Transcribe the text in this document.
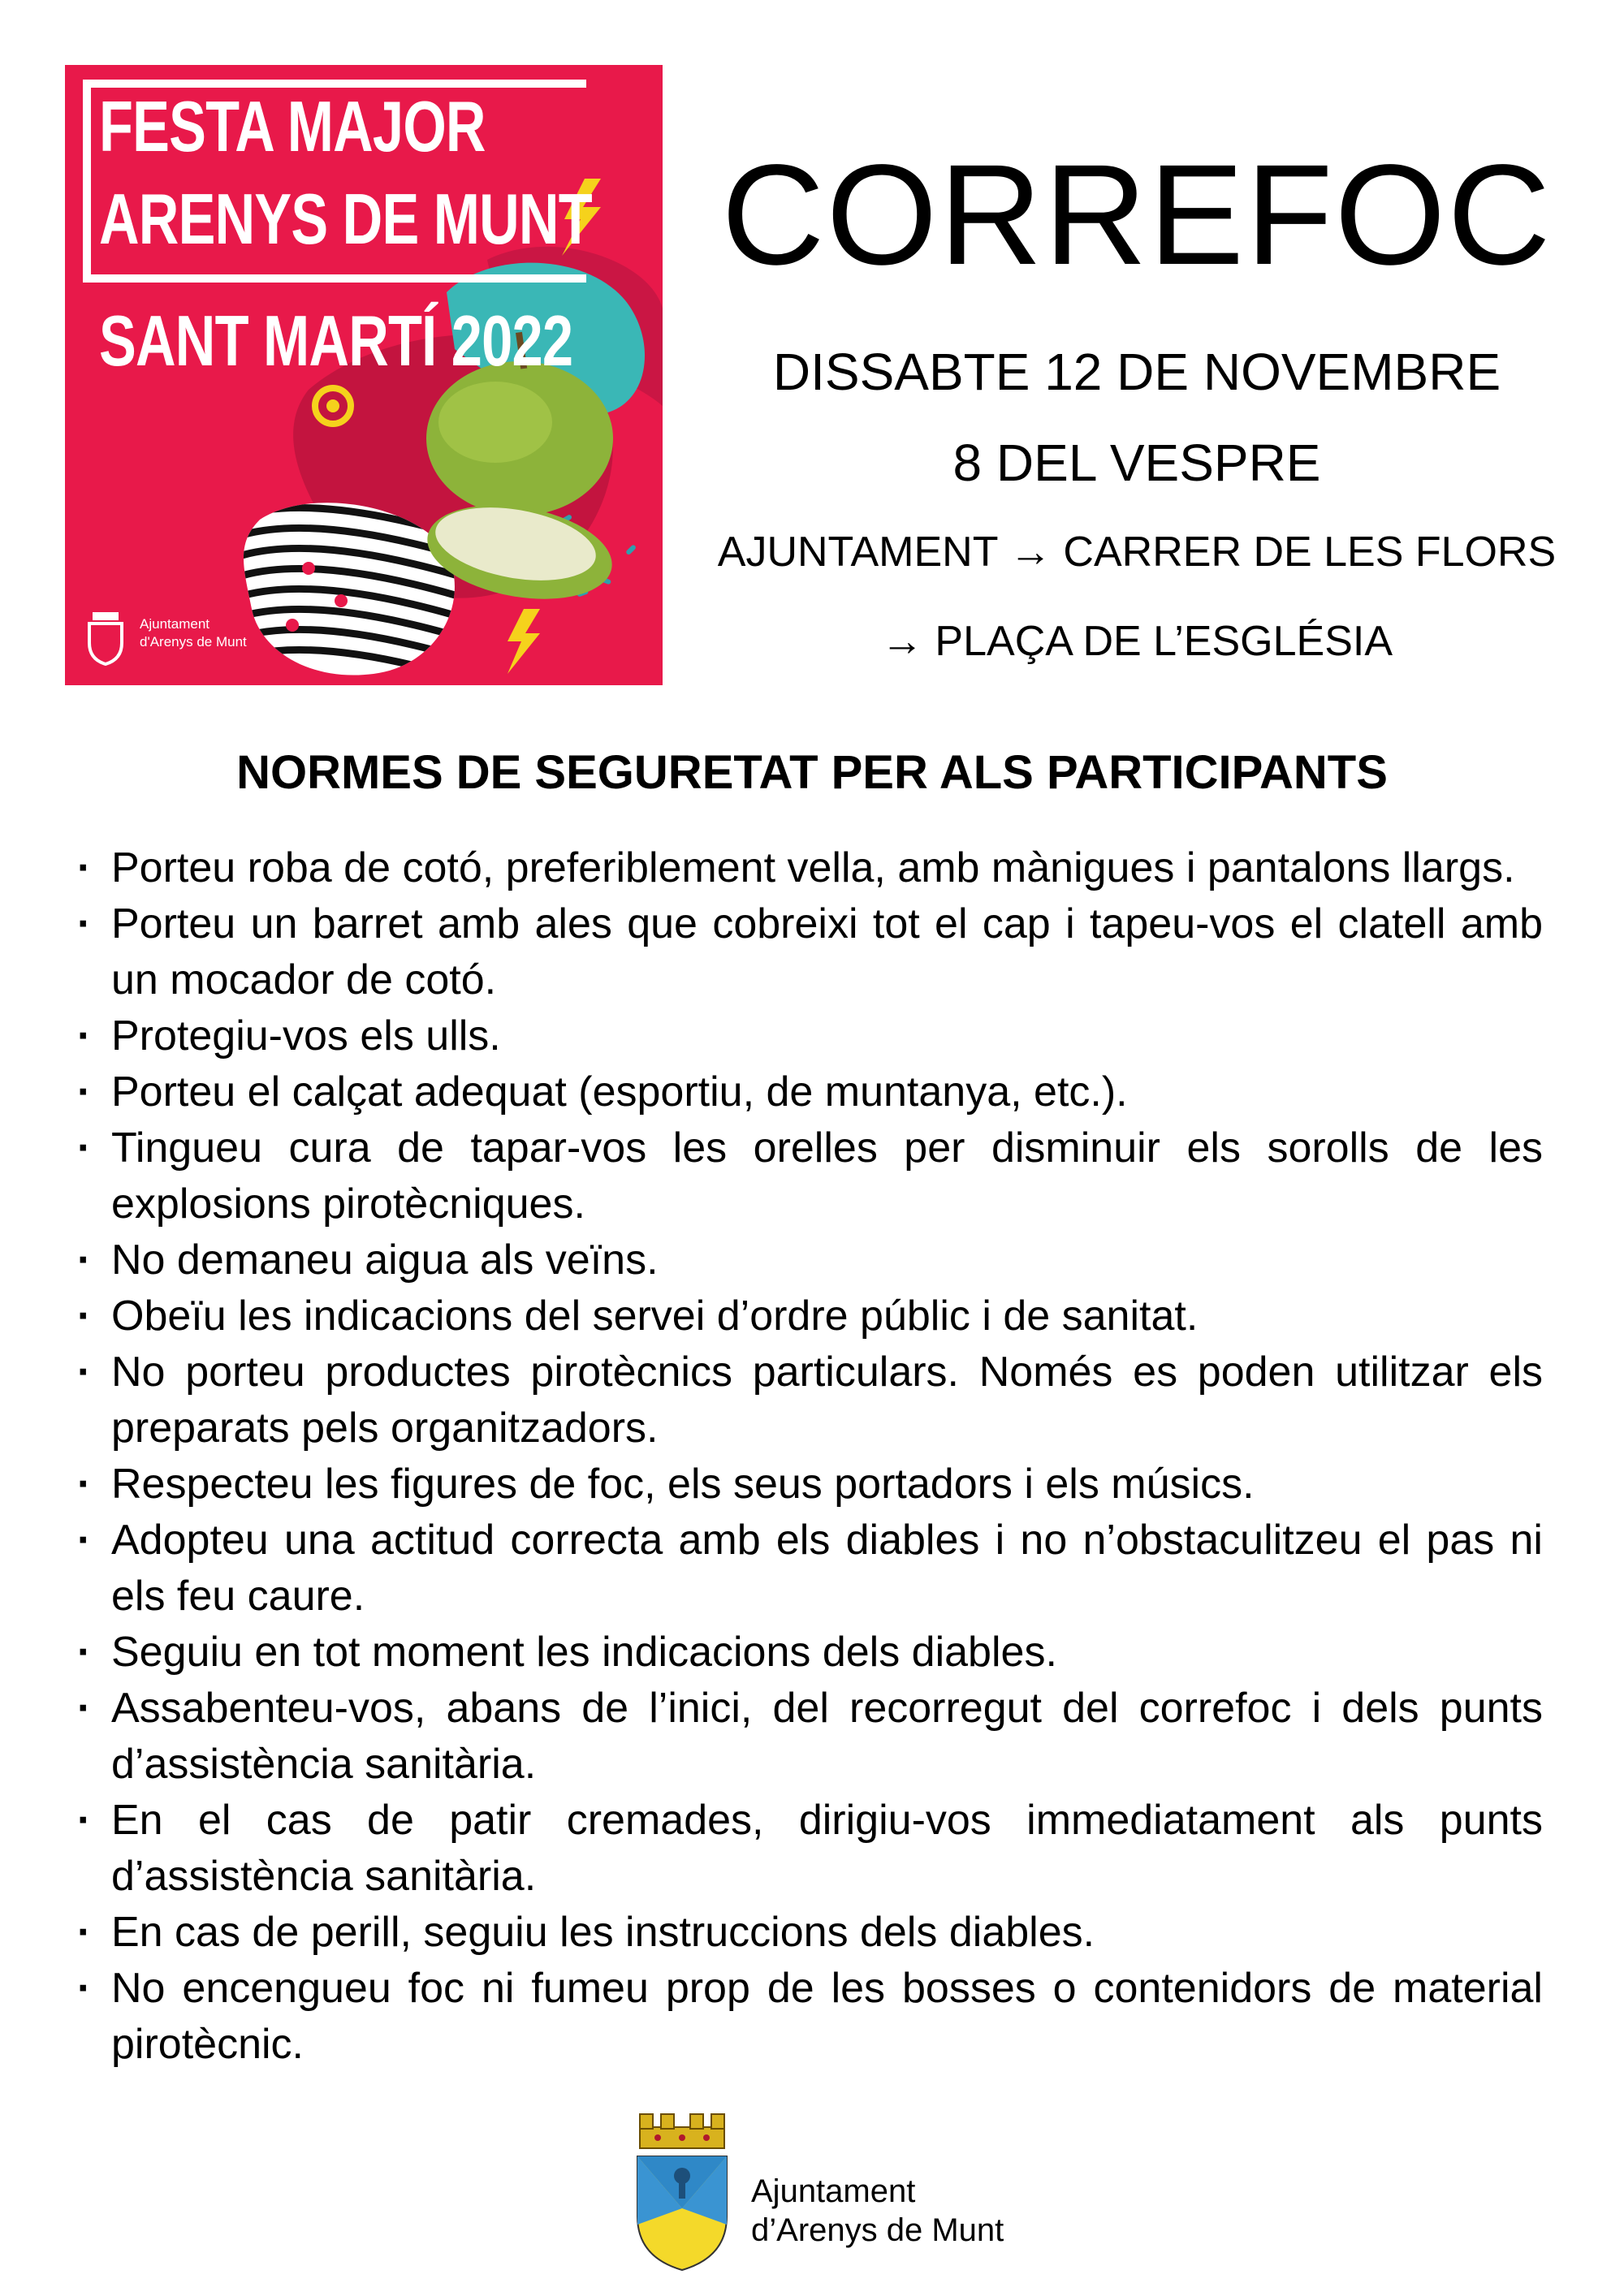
FESTA MAJOR
ARENYS DE MUNT
SANT MARTÍ 2022
Ajuntament
d'Arenys de Munt
CORREFOC
DISSABTE 12 DE NOVEMBRE
8 DEL VESPRE
AJUNTAMENT → CARRER DE LES FLORS
→ PLAÇA DE L’ESGLÉSIA
NORMES DE SEGURETAT PER ALS PARTICIPANTS
· Porteu roba de cotó, preferiblement vella, amb mànigues i pantalons llargs.
· Porteu un barret amb ales que cobreixi tot el cap i tapeu-vos el clatell amb un mocador de cotó.
· Protegiu-vos els ulls.
· Porteu el calçat adequat (esportiu, de muntanya, etc.).
· Tingueu cura de tapar-vos les orelles per disminuir els sorolls de les explosions pirotècniques.
· No demaneu aigua als veïns.
· Obeïu les indicacions del servei d’ordre públic i de sanitat.
· No porteu productes pirotècnics particulars. Només es poden utilitzar els preparats pels organitzadors.
· Respecteu les figures de foc, els seus portadors i els músics.
· Adopteu una actitud correcta amb els diables i no n’obstaculitzeu el pas ni els feu caure.
· Seguiu en tot moment les indicacions dels diables.
· Assabenteu-vos, abans de l’inici, del recorregut del correfoc i dels punts d’assistència sanitària.
· En el cas de patir cremades, dirigiu-vos immediatament als punts d’assistència sanitària.
· En cas de perill, seguiu les instruccions dels diables.
· No encengueu foc ni fumeu prop de les bosses o contenidors de material pirotècnic.
Ajuntament
d’Arenys de Munt
